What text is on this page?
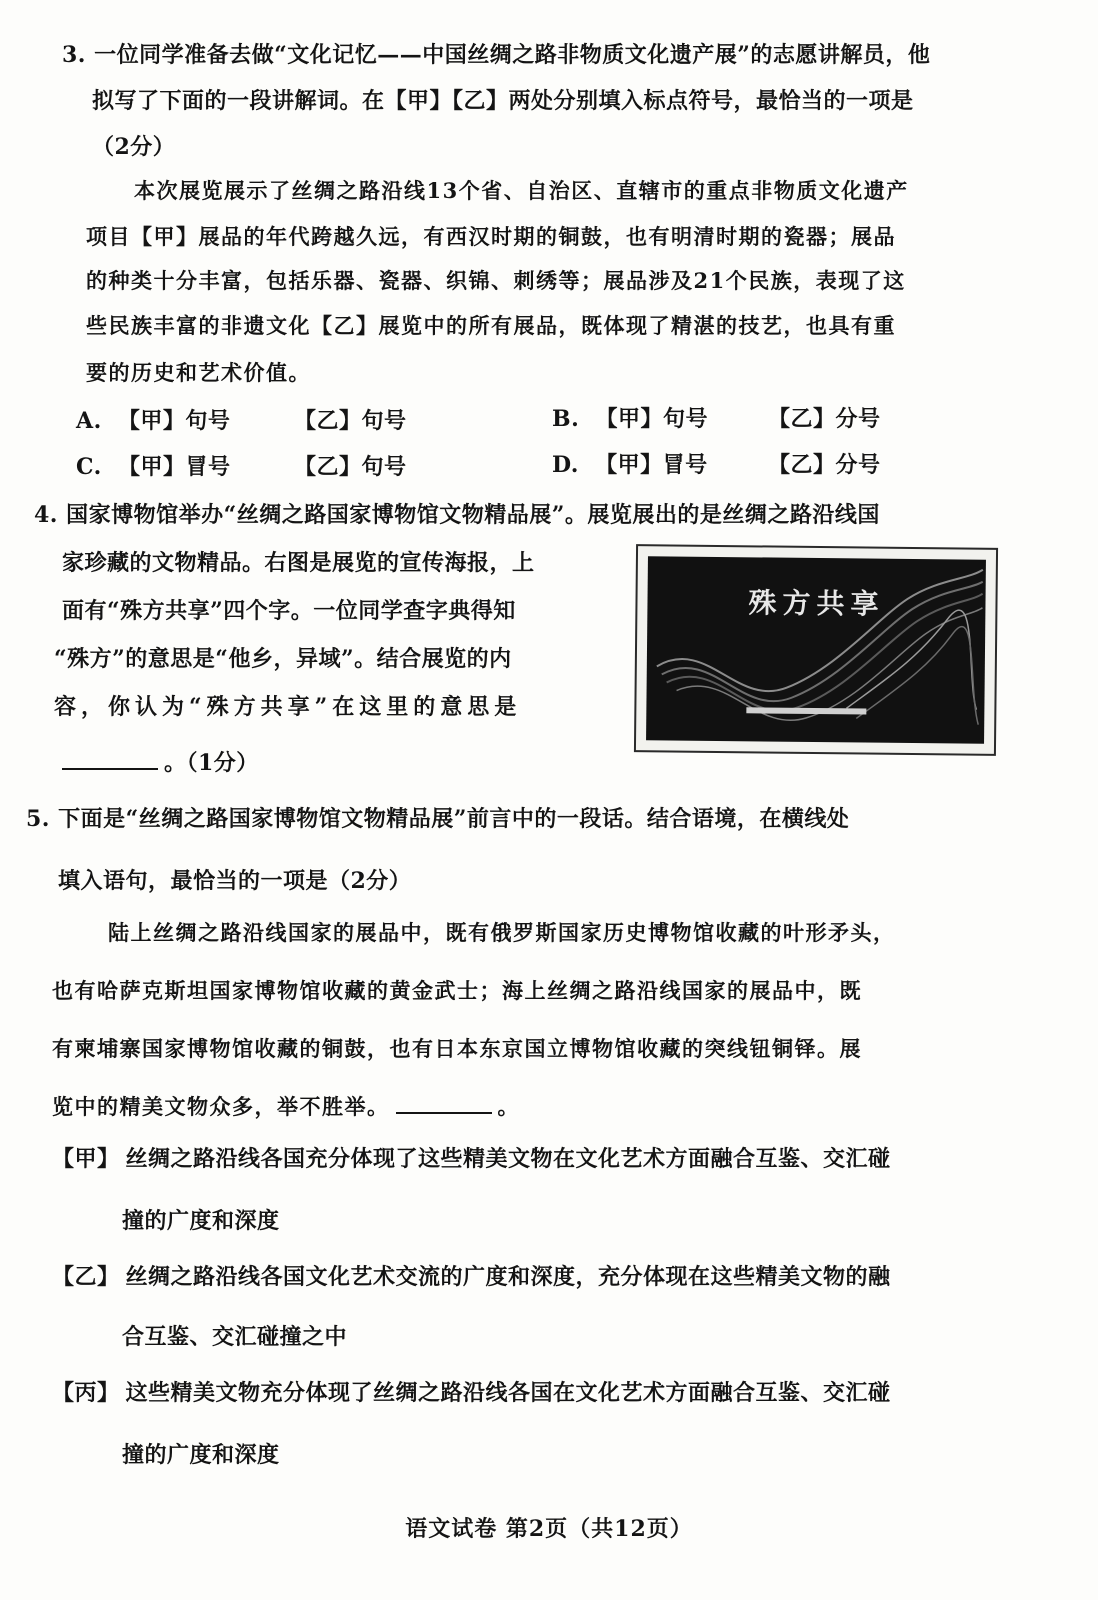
3. 一位同学准备去做“文化记忆——中国丝绸之路非物质文化遗产展”的志愿讲解员，他
拟写了下面的一段讲解词。在【甲】【乙】两处分别填入标点符号，最恰当的一项是
（2分）
本次展览展示了丝绸之路沿线13个省、自治区、直辖市的重点非物质文化遗产
项目【甲】展品的年代跨越久远，有西汉时期的铜鼓，也有明清时期的瓷器；展品
的种类十分丰富，包括乐器、瓷器、织锦、刺绣等；展品涉及21个民族，表现了这
些民族丰富的非遗文化【乙】展览中的所有展品，既体现了精湛的技艺，也具有重
要的历史和艺术价值。
A. 【甲】句号	【乙】句号	B. 【甲】句号	【乙】分号
C. 【甲】冒号	【乙】句号	D. 【甲】冒号	【乙】分号
4. 国家博物馆举办“丝绸之路国家博物馆文物精品展”。展览展出的是丝绸之路沿线国
家珍藏的文物精品。右图是展览的宣传海报，上
面有“殊方共享”四个字。一位同学查字典得知
“殊方”的意思是“他乡，异域”。结合展览的内
容，你认为“殊方共享”在这里的意思是
。（1分）
殊方共享
5. 下面是“丝绸之路国家博物馆文物精品展”前言中的一段话。结合语境，在横线处
填入语句，最恰当的一项是（2分）
陆上丝绸之路沿线国家的展品中，既有俄罗斯国家历史博物馆收藏的叶形矛头，
也有哈萨克斯坦国家博物馆收藏的黄金武士；海上丝绸之路沿线国家的展品中，既
有柬埔寨国家博物馆收藏的铜鼓，也有日本东京国立博物馆收藏的突线钮铜铎。展
览中的精美文物众多，举不胜举。	。
【甲】 丝绸之路沿线各国充分体现了这些精美文物在文化艺术方面融合互鉴、交汇碰
撞的广度和深度
【乙】 丝绸之路沿线各国文化艺术交流的广度和深度，充分体现在这些精美文物的融
合互鉴、交汇碰撞之中
【丙】 这些精美文物充分体现了丝绸之路沿线各国在文化艺术方面融合互鉴、交汇碰
撞的广度和深度
语文试卷 第2页（共12页）
